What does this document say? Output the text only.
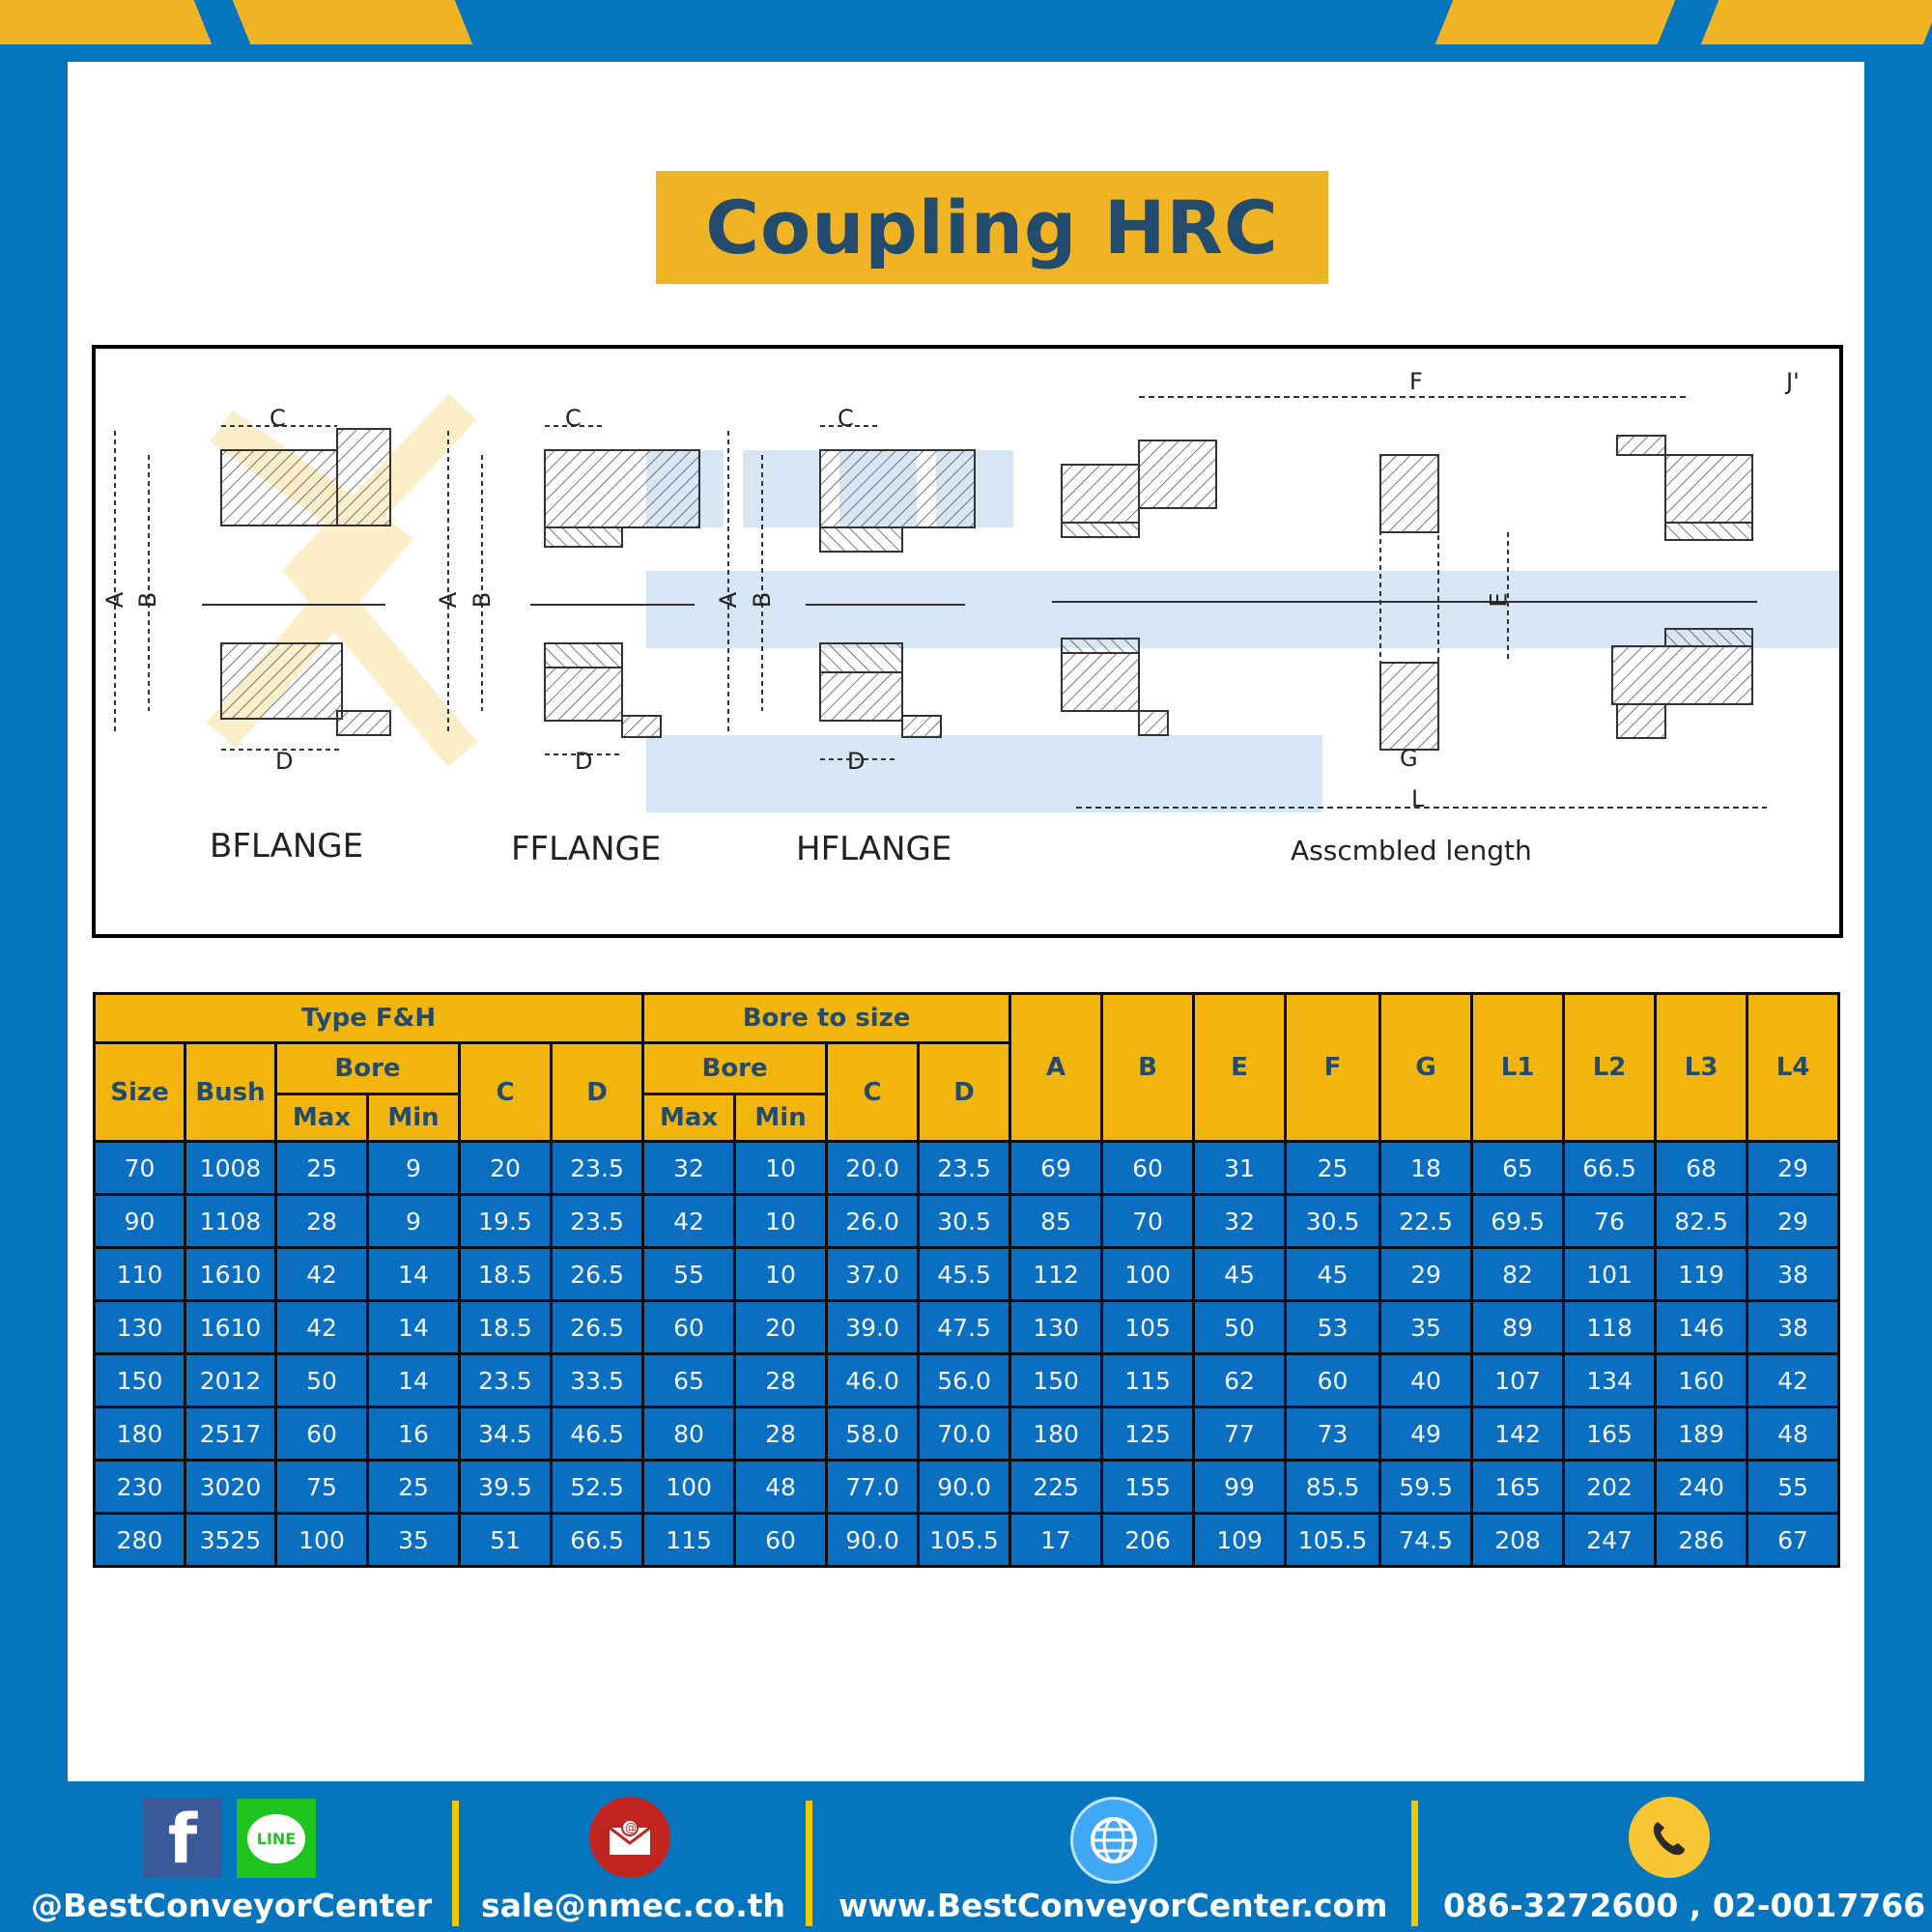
Coupling HRC
C
A B
D
C
A B
D
C
A B
D
F	J'
E
G
L
BFLANGE	FFLANGE	HFLANGE	Asscmbled length
Type F&H						Bore to size				A	B	E	F	G	L1	L2	L3	L4
Size	Bush	Bore		C	D	Bore		C	D									
		Max	Min			Max	Min											
70	1008	25	9	20	23.5	32	10	20.0	23.5	69	60	31	25	18	65	66.5	68	29
90	1108	28	9	19.5	23.5	42	10	26.0	30.5	85	70	32	30.5	22.5	69.5	76	82.5	29
110	1610	42	14	18.5	26.5	55	10	37.0	45.5	112	100	45	45	29	82	101	119	38
130	1610	42	14	18.5	26.5	60	20	39.0	47.5	130	105	50	53	35	89	118	146	38
150	2012	50	14	23.5	33.5	65	28	46.0	56.0	150	115	62	60	40	107	134	160	42
180	2517	60	16	34.5	46.5	80	28	58.0	70.0	180	125	77	73	49	142	165	189	48
230	3020	75	25	39.5	52.5	100	48	77.0	90.0	225	155	99	85.5	59.5	165	202	240	55
280	3525	100	35	51	66.5	115	60	90.0	105.5	17	206	109	105.5	74.5	208	247	286	67
f	LINE
@BestConveyorCenter
@
sale@nmec.co.th www.BestConveyorCenter.com 086-3272600 , 02-0017766
